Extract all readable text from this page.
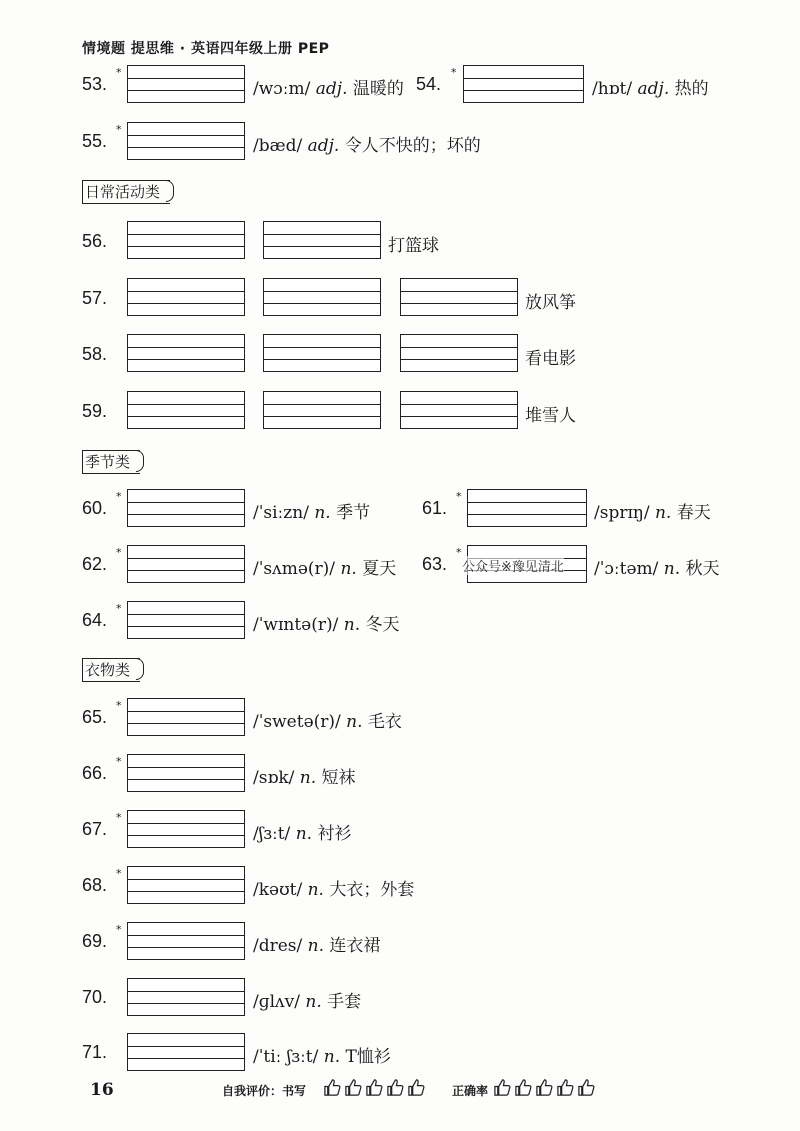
情境题 提思维 · 英语四年级上册 PEP
53.
*
/wɔːm/ adj. 温暖的 54.
*
/hɒt/ adj. 热的
55.
*
/bæd/ adj. 令人不快的；坏的
日常活动类
56.	打篮球
57.	放风筝
58.	看电影
59.	堆雪人
季节类
60.
*
/ˈsiːzn/ n. 季节	61.
*
/sprɪŋ/ n. 春天
62.
*
/ˈsʌmə(r)/ n. 夏天 63.
*
公众号※豫见清北 /ˈɔːtəm/ n. 秋天
64.
*
/ˈwɪntə(r)/ n. 冬天
衣物类
65.
*
/ˈswetə(r)/ n. 毛衣
66.
*
/sɒk/ n. 短袜
67.
*
/ʃɜːt/ n. 衬衫
68.
*
/kəʊt/ n. 大衣；外套
69.
*
/dres/ n. 连衣裙
70.	/ɡlʌv/ n. 手套
71.	/ˈtiː ʃɜːt/ n. T恤衫
16	自我评价：书写	正确率
